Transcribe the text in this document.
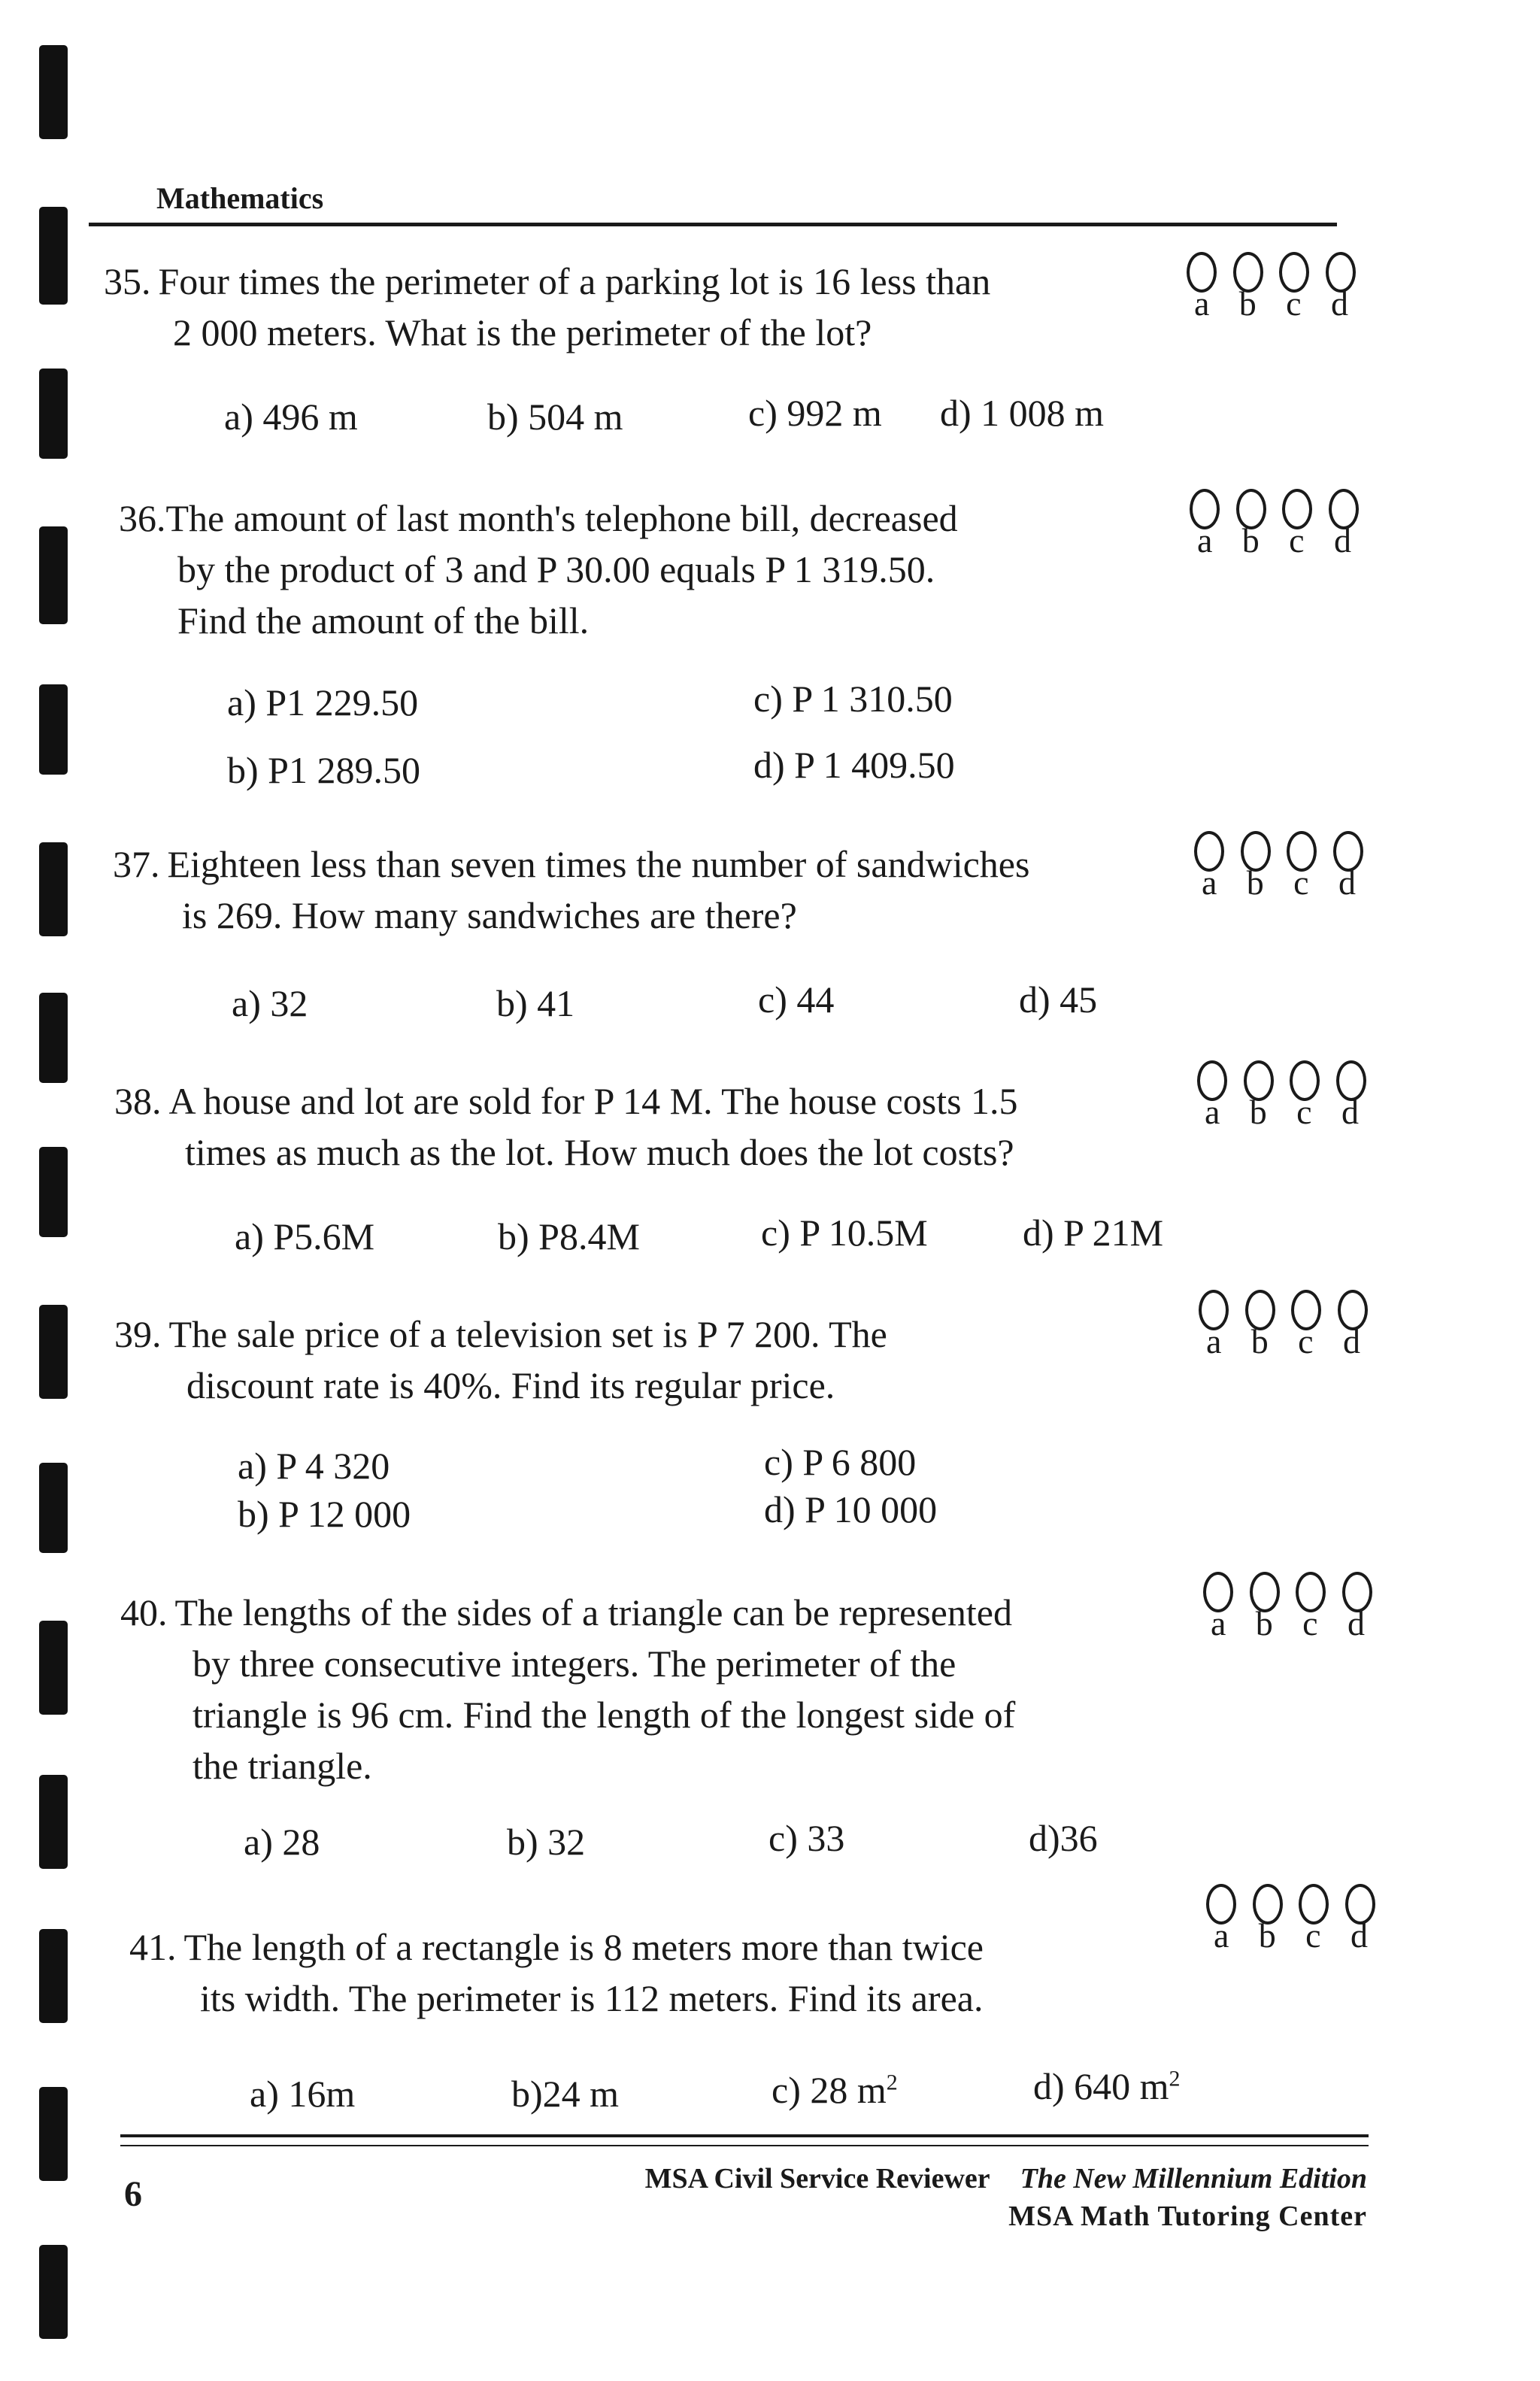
Mathematics

35. Four times the perimeter of a parking lot is 16 less than

2 000 meters. What is the perimeter of the lot?

a b c d
a) 496 m	b) 504 m	c) 992 m d) 1 008 m

36.The amount of last month's telephone bill, decreased

by the product of 3 and P 30.00 equals P 1 319.50.

Find the amount of the bill.

a b c d
a) P1 229.50
b) P1 289.50
c) P 1 310.50
d) P 1 409.50

37. Eighteen less than seven times the number of sandwiches

is 269. How many sandwiches are there?

a b c d
a) 32	b) 41	c) 44	d) 45

38. A house and lot are sold for P 14 M. The house costs 1.5

times as much as the lot. How much does the lot costs?

a b c d
a) P5.6M	b) P8.4M	c) P 10.5M	d) P 21M

39. The sale price of a television set is P 7 200. The

discount rate is 40%. Find its regular price.

a b c d
a) P 4 320
b) P 12 000
c) P 6 800
d) P 10 000

40. The lengths of the sides of a triangle can be represented

by three consecutive integers. The perimeter of the

triangle is 96 cm. Find the length of the longest side of

the triangle.

a b c d
a) 28	b) 32	c) 33	d)36

41. The length of a rectangle is 8 meters more than twice

its width. The perimeter is 112 meters. Find its area.

a b c d
a) 16m	b)24 m	c) 28 $m^2$	d) 640 $m^2$
6	MSA Civil Service Reviewer The New Millennium Edition
MSA Math Tutoring Center
